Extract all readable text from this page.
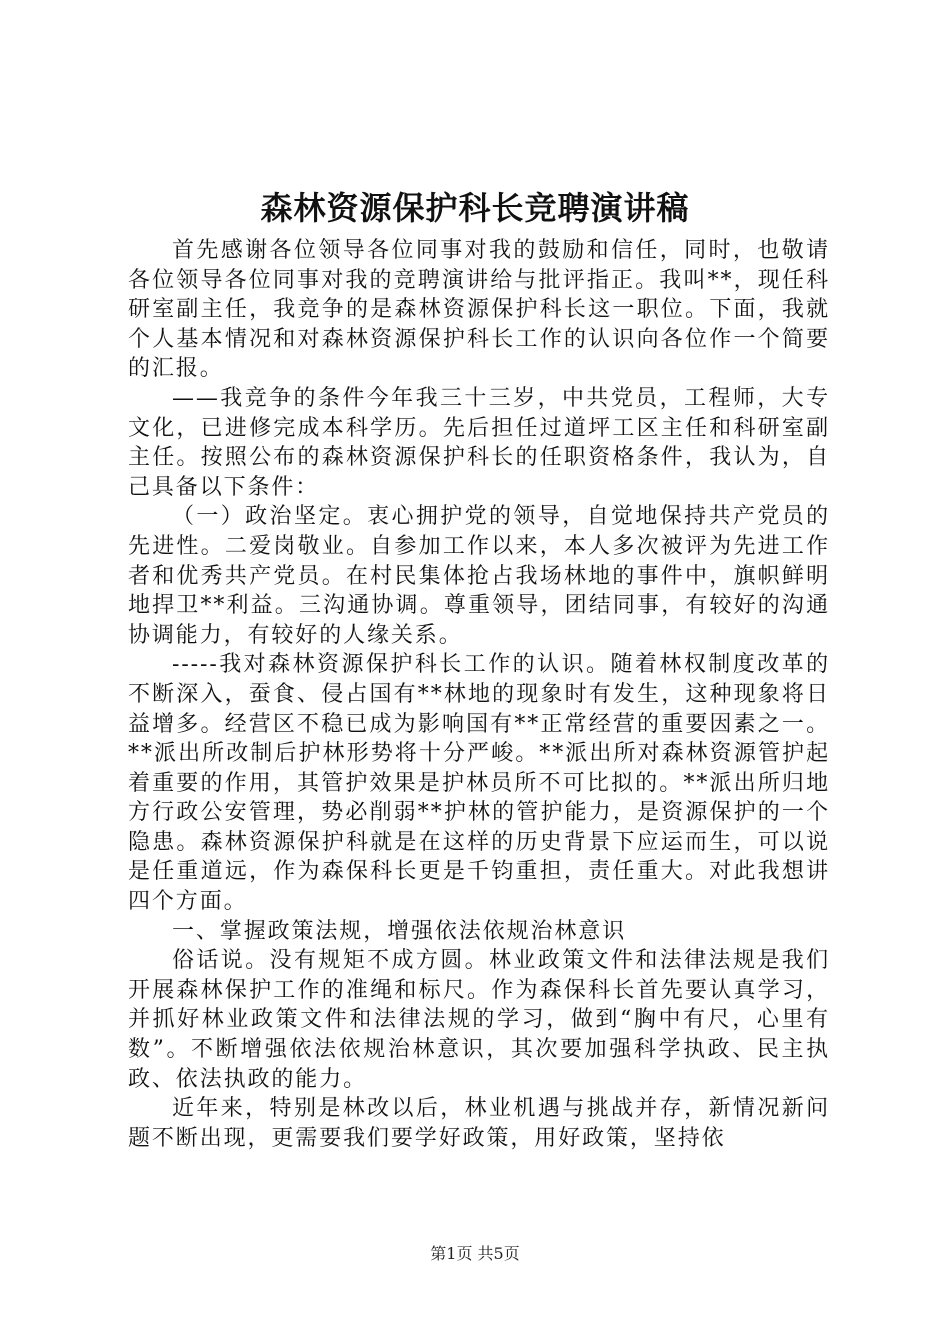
森林资源保护科长竞聘演讲稿

首先感谢各位领导各位同事对我的鼓励和信任，同时，也敬请各位领导各位同事对我的竞聘演讲给与批评指正。我叫**，现任科研室副主任，我竞争的是森林资源保护科长这一职位。下面，我就个人基本情况和对森林资源保护科长工作的认识向各位作一个简要的汇报。

——我竞争的条件今年我三十三岁，中共党员，工程师，大专文化，已进修完成本科学历。先后担任过道坪工区主任和科研室副主任。按照公布的森林资源保护科长的任职资格条件，我认为，自己具备以下条件：

（一）政治坚定。衷心拥护党的领导，自觉地保持共产党员的先进性。二爱岗敬业。自参加工作以来，本人多次被评为先进工作者和优秀共产党员。在村民集体抢占我场林地的事件中，旗帜鲜明地捍卫**利益。三沟通协调。尊重领导，团结同事，有较好的沟通协调能力，有较好的人缘关系。

-----我对森林资源保护科长工作的认识。随着林权制度改革的不断深入，蚕食、侵占国有**林地的现象时有发生，这种现象将日益增多。经营区不稳已成为影响国有**正常经营的重要因素之一。**派出所改制后护林形势将十分严峻。**派出所对森林资源管护起着重要的作用，其管护效果是护林员所不可比拟的。**派出所归地方行政公安管理，势必削弱**护林的管护能力，是资源保护的一个隐患。森林资源保护科就是在这样的历史背景下应运而生，可以说是任重道远，作为森保科长更是千钧重担，责任重大。对此我想讲四个方面。

一、掌握政策法规，增强依法依规治林意识

俗话说。没有规矩不成方圆。林业政策文件和法律法规是我们开展森林保护工作的准绳和标尺。作为森保科长首先要认真学习，并抓好林业政策文件和法律法规的学习，做到“胸中有尺，心里有数”。不断增强依法依规治林意识，其次要加强科学执政、民主执政、依法执政的能力。

近年来，特别是林改以后，林业机遇与挑战并存，新情况新问题不断出现，更需要我们要学好政策，用好政策，坚持依

第1页 共5页
